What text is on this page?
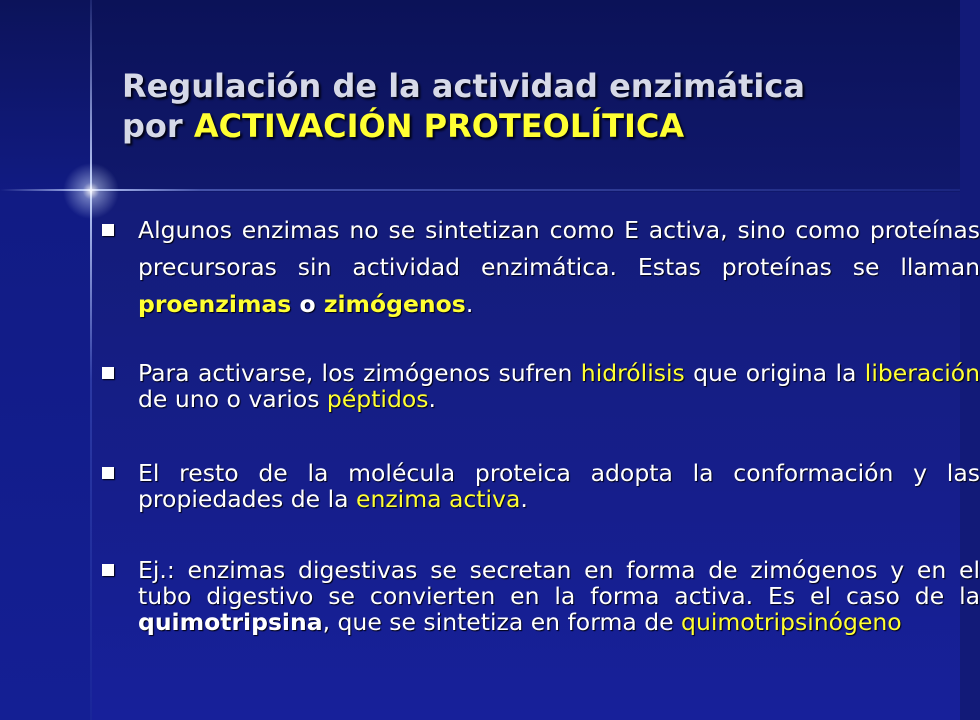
Regulación de la actividad enzimática
por ACTIVACIÓN PROTEOLÍTICA
Algunos enzimas no se sintetizan como E activa, sino como proteínas precursoras sin actividad enzimática. Estas proteínas se llaman proenzimas o zimógenos.
Para activarse, los zimógenos sufren hidrólisis que origina la liberación de uno o varios péptidos.
El resto de la molécula proteica adopta la conformación y las propiedades de la enzima activa.
Ej.: enzimas digestivas se secretan en forma de zimógenos y en el tubo digestivo se convierten en la forma activa. Es el caso de la quimotripsina, que se sintetiza en forma de quimotripsinógeno
